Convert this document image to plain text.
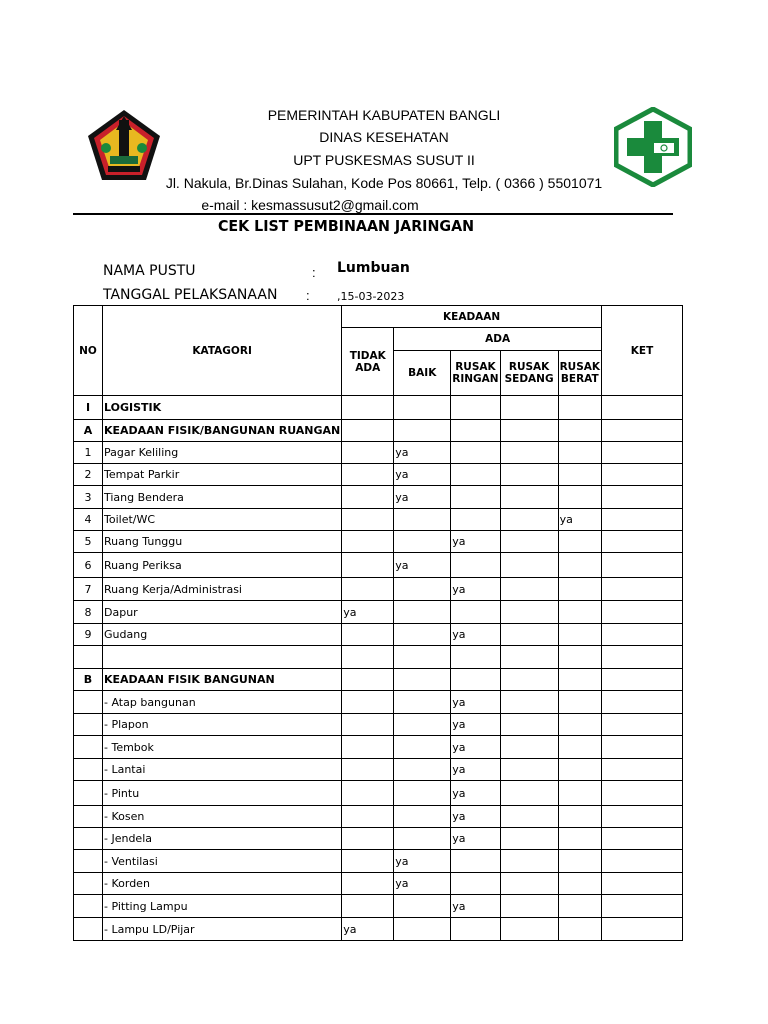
PEMERINTAH KABUPATEN BANGLI
DINAS KESEHATAN
UPT PUSKESMAS SUSUT II
Jl. Nakula, Br.Dinas Sulahan, Kode Pos 80661, Telp. ( 0366 ) 5501071
e-mail : kesmassusut2@gmail.com
CEK LIST PEMBINAAN JARINGAN
NAMA PUSTU	: Lumbuan
TANGGAL PELAKSANAAN : ,15-03-2023
NO	KATAGORI	KEADAAN					KET
		TIDAK ADA	ADA				
			BAIK	RUSAK RINGAN	RUSAK SEDANG	RUSAK BERAT	
I	LOGISTIK						
A	KEADAAN FISIK/BANGUNAN RUANGAN						
1	Pagar Keliling		ya				
2	Tempat Parkir		ya				
3	Tiang Bendera		ya				
4	Toilet/WC					ya	
5	Ruang Tunggu			ya			
6	Ruang Periksa		ya				
7	Ruang Kerja/Administrasi			ya			
8	Dapur	ya					
9	Gudang			ya			

B	KEADAAN FISIK BANGUNAN						
	- Atap bangunan			ya			
	- Plapon			ya			
	- Tembok			ya			
	- Lantai			ya			
	- Pintu			ya			
	- Kosen			ya			
	- Jendela			ya			
	- Ventilasi		ya				
	- Korden		ya				
	- Pitting Lampu			ya			
	- Lampu LD/Pijar	ya					
